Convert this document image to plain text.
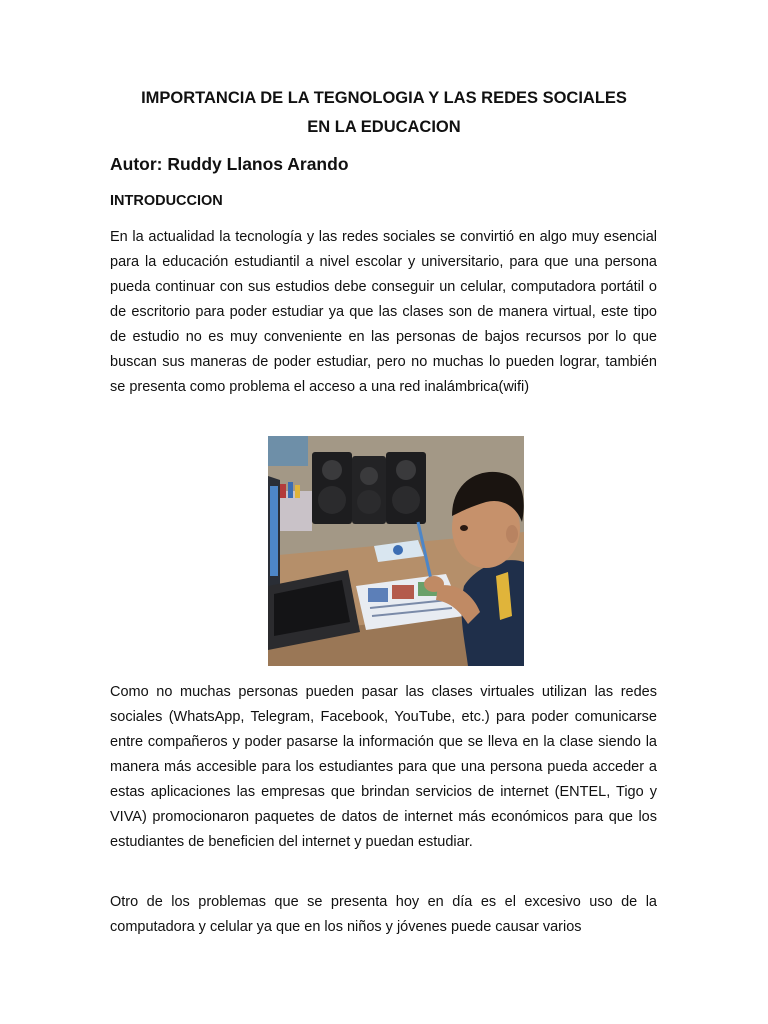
IMPORTANCIA DE LA TEGNOLOGIA Y LAS REDES SOCIALES
EN LA EDUCACION
Autor: Ruddy Llanos Arando
INTRODUCCION

En la actualidad la tecnología y las redes sociales se convirtió en algo muy esencial para la educación estudiantil a nivel escolar y universitario, para que una persona pueda continuar con sus estudios debe conseguir un celular, computadora portátil o de escritorio para poder estudiar ya que las clases son de manera virtual, este tipo de estudio no es muy conveniente en las personas de bajos recursos por lo que buscan sus maneras de poder estudiar, pero no muchas lo pueden lograr, también se presenta como problema el acceso a una red inalámbrica(wifi)

Como no muchas personas pueden pasar las clases virtuales utilizan las redes sociales (WhatsApp, Telegram, Facebook, YouTube, etc.) para poder comunicarse entre compañeros y poder pasarse la información que se lleva en la clase siendo la manera más accesible para los estudiantes para que una persona pueda acceder a estas aplicaciones las empresas que brindan servicios de internet (ENTEL, Tigo y VIVA) promocionaron paquetes de datos de internet más económicos para que los estudiantes de beneficien del internet y puedan estudiar.

Otro de los problemas que se presenta hoy en día es el excesivo uso de la computadora y celular ya que en los niños y jóvenes puede causar varios
